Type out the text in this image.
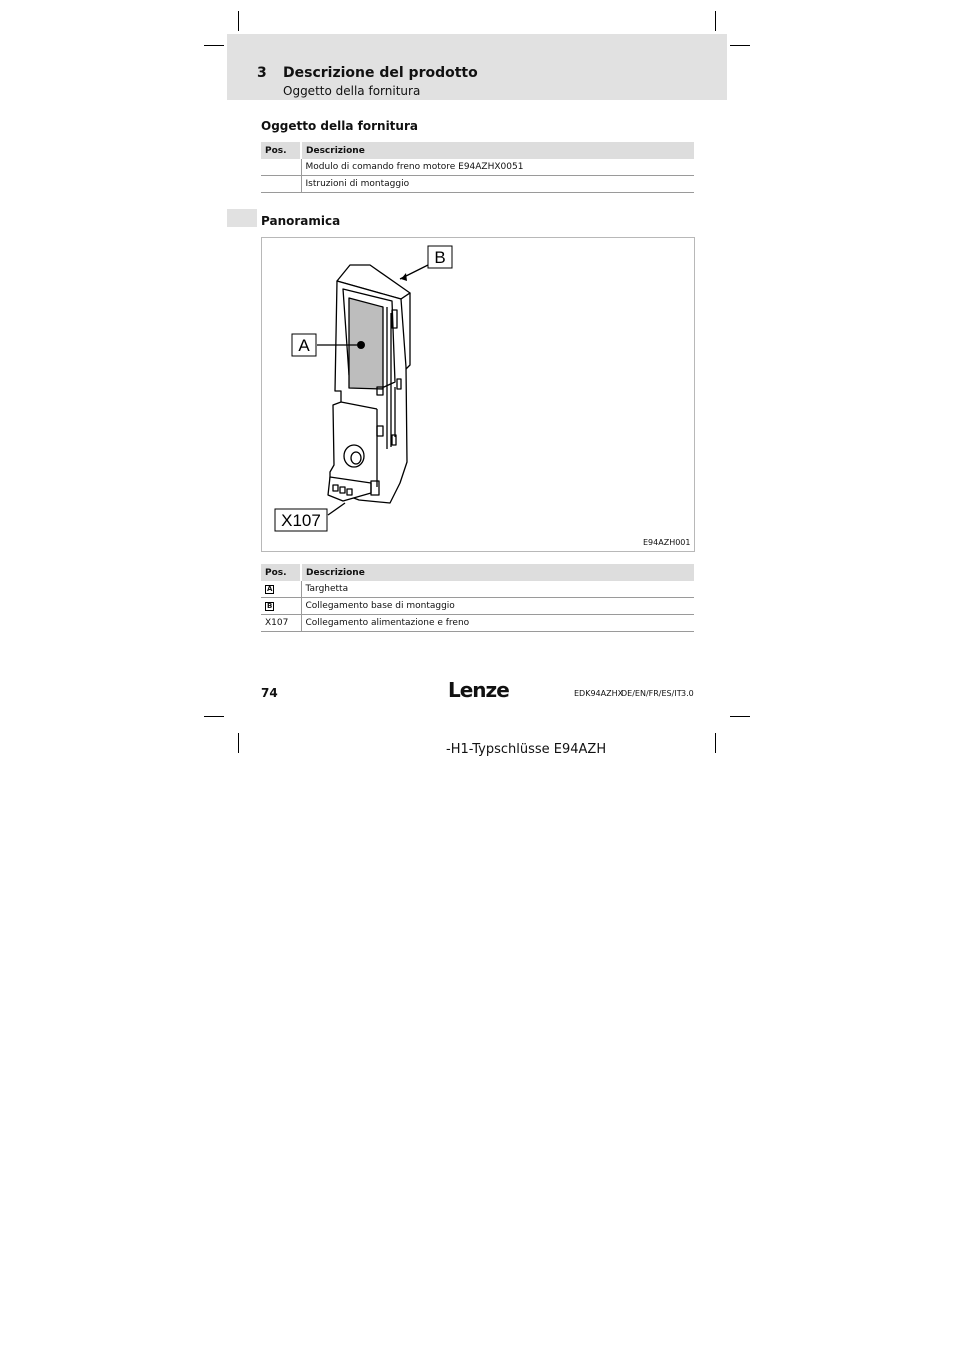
3 Descrizione del prodotto
Oggetto della fornitura
Oggetto della fornitura
Pos.	Descrizione
	Modulo di comando freno motore E94AZHX0051
	Istruzioni di montaggio
Panoramica
A
B
X107
E94AZH001
Pos.	Descrizione
A	Targhetta
B	Collegamento base di montaggio
X107	Collegamento alimentazione e freno
74	Lenze	EDK94AZHX
DE/EN/FR/ES/IT 3.0
-H1-Typschlüsse E94AZH
